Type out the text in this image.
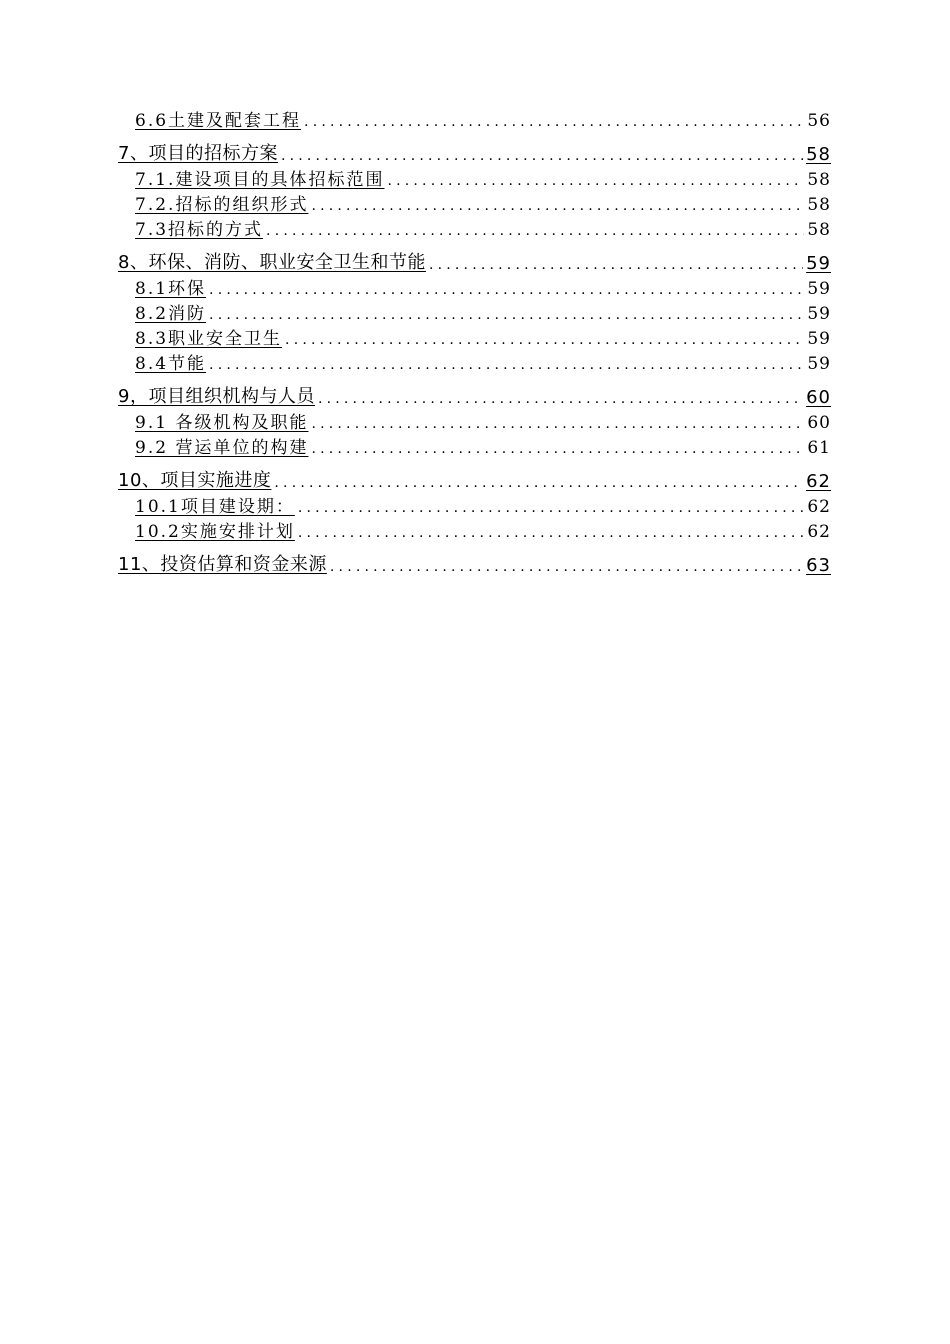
6.6土建及配套工程 .....	56
7、项目的招标方案 .....	58
7.1.建设项目的具体招标范围 .....	58
7.2.招标的组织形式 .....	58
7.3招标的方式 .....	58
8、环保、消防、职业安全卫生和节能 .....	59
8.1环保 .....	59
8.2消防 .....	59
8.3职业安全卫生 .....	59
8.4节能 .....	59
9，项目组织机构与人员 .....	60
9.1 各级机构及职能 .....	60
9.2 营运单位的构建 .....	61
10、项目实施进度 .....	62
10.1项目建设期： .....	62
10.2实施安排计划 .....	62
11、投资估算和资金来源 .....	63
